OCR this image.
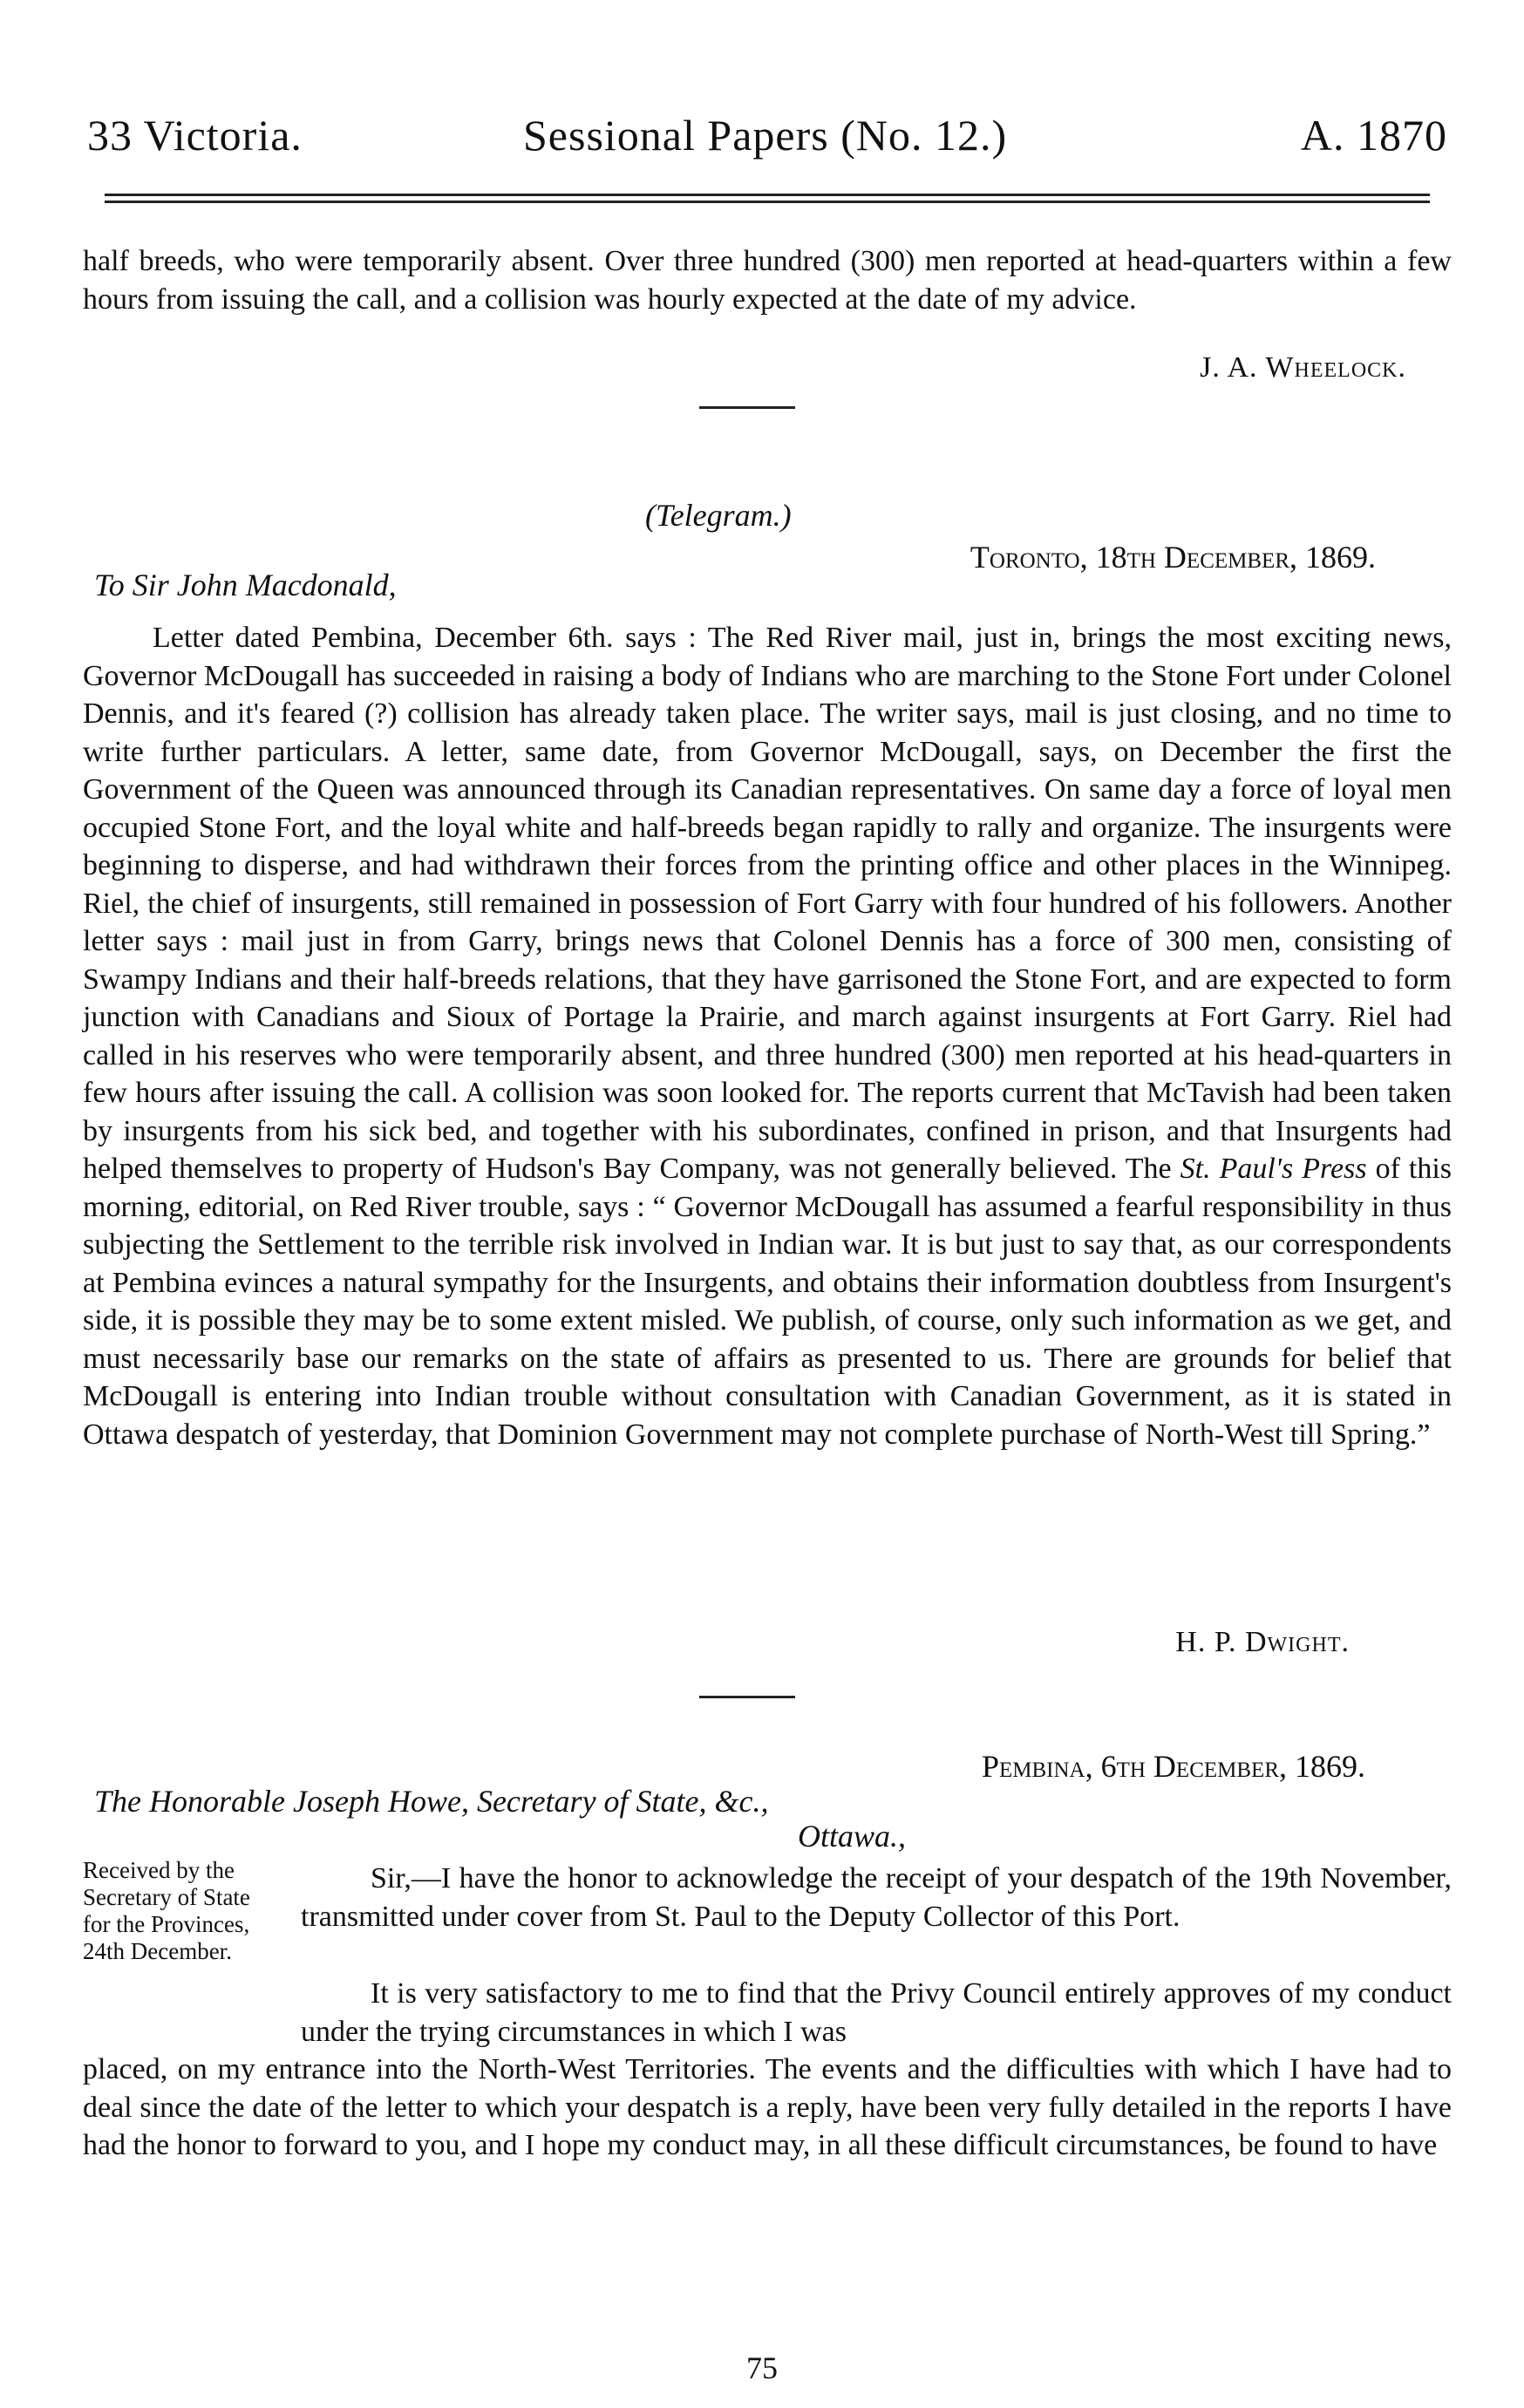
33 Victoria.	Sessional Papers (No. 12.)	A. 1870

half breeds, who were temporarily absent. Over three hundred (300) men reported at head-quarters within a few hours from issuing the call, and a collision was hourly expected at the date of my advice.

J. A. Wheelock.
(Telegram.)
Toronto, 18th December, 1869.
To Sir John Macdonald,

Letter dated Pembina, December 6th. says : The Red River mail, just in, brings the most exciting news, Governor McDougall has succeeded in raising a body of Indians who are marching to the Stone Fort under Colonel Dennis, and it's feared (?) collision has already taken place. The writer says, mail is just closing, and no time to write further particulars. A letter, same date, from Governor McDougall, says, on December the first the Government of the Queen was announced through its Canadian representatives. On same day a force of loyal men occupied Stone Fort, and the loyal white and half-breeds began rapidly to rally and organize. The insurgents were beginning to disperse, and had withdrawn their forces from the printing office and other places in the Winnipeg. Riel, the chief of insurgents, still remained in possession of Fort Garry with four hundred of his followers. Another letter says : mail just in from Garry, brings news that Colonel Dennis has a force of 300 men, consisting of Swampy Indians and their half-breeds relations, that they have garrisoned the Stone Fort, and are expected to form junction with Canadians and Sioux of Portage la Prairie, and march against insurgents at Fort Garry. Riel had called in his reserves who were temporarily absent, and three hundred (300) men reported at his head-quarters in few hours after issuing the call. A collision was soon looked for. The reports current that McTavish had been taken by insurgents from his sick bed, and together with his subordinates, confined in prison, and that Insurgents had helped themselves to property of Hudson's Bay Company, was not generally believed. The St. Paul's Press of this morning, editorial, on Red River trouble, says : “ Governor McDougall has assumed a fearful responsibility in thus subjecting the Settlement to the terrible risk involved in Indian war. It is but just to say that, as our correspondents at Pembina evinces a natural sympathy for the Insurgents, and obtains their information doubtless from Insurgent's side, it is possible they may be to some extent misled. We publish, of course, only such information as we get, and must necessarily base our remarks on the state of affairs as presented to us. There are grounds for belief that McDougall is entering into Indian trouble without consultation with Canadian Government, as it is stated in Ottawa despatch of yesterday, that Dominion Government may not complete purchase of North-West till Spring.”

H. P. Dwight.
Pembina, 6th December, 1869.
The Honorable Joseph Howe, Secretary of State, &c.,
Ottawa.,
Received by the Secretary of State for the Provinces, 24th December.

Sir,—I have the honor to acknowledge the receipt of your despatch of the 19th November, transmitted under cover from St. Paul to the Deputy Collector of this Port.

It is very satisfactory to me to find that the Privy Council entirely approves of my conduct under the trying circumstances in which I was

placed, on my entrance into the North-West Territories. The events and the difficulties with which I have had to deal since the date of the letter to which your despatch is a reply, have been very fully detailed in the reports I have had the honor to forward to you, and I hope my conduct may, in all these difficult circumstances, be found to have

75
